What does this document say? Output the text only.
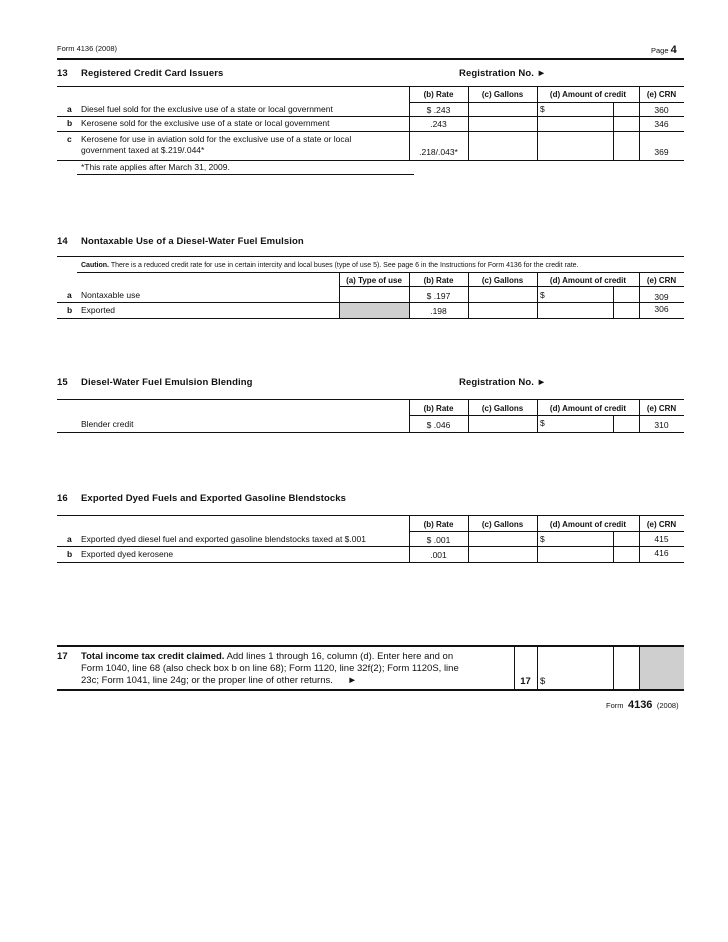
Form 4136 (2008)	Page 4
13 Registered Credit Card Issuers	Registration No. ►
(b) Rate	(c) Gallons	(d) Amount of credit	(e) CRN
a Diesel fuel sold for the exclusive use of a state or local government	$ .243	$	360
b Kerosene sold for the exclusive use of a state or local government	.243	346
c Kerosene for use in aviation sold for the exclusive use of a state or local
government taxed at $.219/.044*	.218/.043*	369
*This rate applies after March 31, 2009.
14 Nontaxable Use of a Diesel-Water Fuel Emulsion
Caution. There is a reduced credit rate for use in certain intercity and local buses (type of use 5). See page 6 in the Instructions for Form 4136 for the credit rate.
(a) Type of use	(b) Rate	(c) Gallons	(d) Amount of credit	(e) CRN
a Nontaxable use	$ .197	$	309
b Exported	.198	306
15 Diesel-Water Fuel Emulsion Blending	Registration No. ►
(b) Rate	(c) Gallons	(d) Amount of credit	(e) CRN
Blender credit	$ .046	$	310
16 Exported Dyed Fuels and Exported Gasoline Blendstocks
(b) Rate	(c) Gallons	(d) Amount of credit	(e) CRN
a Exported dyed diesel fuel and exported gasoline blendstocks taxed at $.001	$ .001	$	415
b Exported dyed kerosene	.001	416
17 Total income tax credit claimed. Add lines 1 through 16, column (d). Enter here and on
Form 1040, line 68 (also check box b on line 68); Form 1120, line 32f(2); Form 1120S, line
23c; Form 1041, line 24g; or the proper line of other returns. ►	17 $
Form 4136 (2008)
